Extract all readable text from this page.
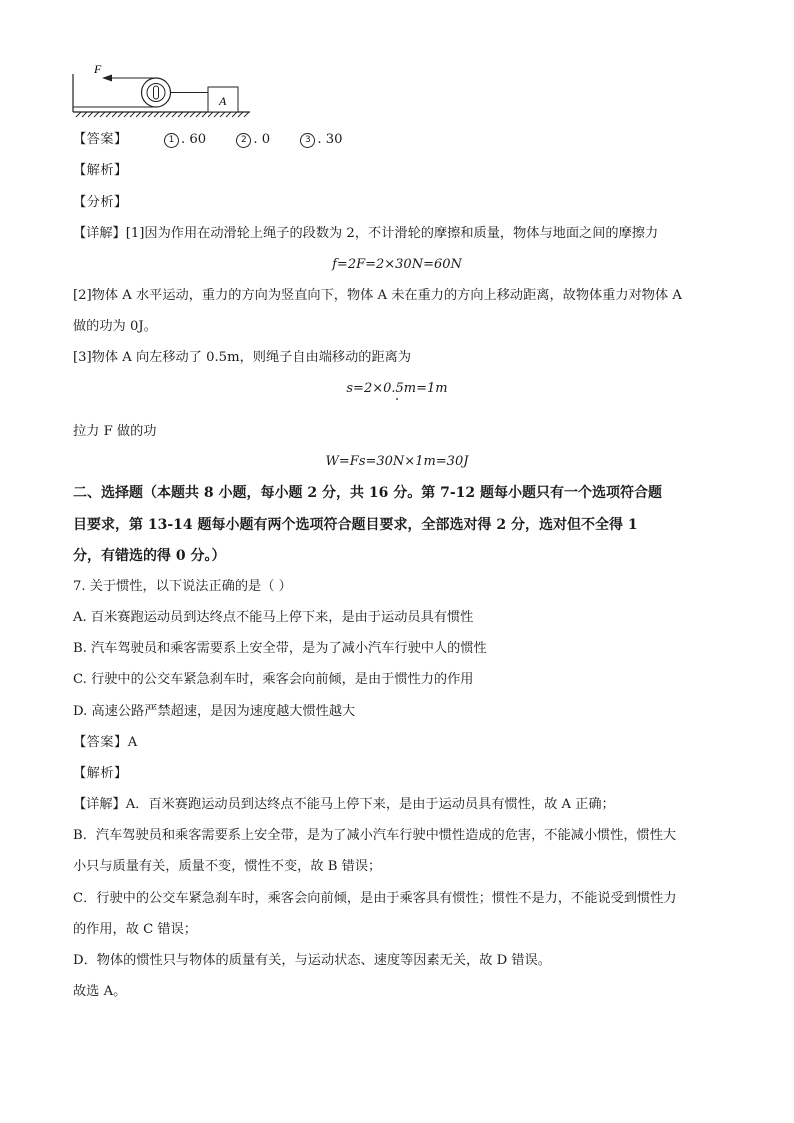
F
A
【答案】	1 . 60	2 . 0	3 . 30
【解析】
【分析】
【详解】[1]因为作用在动滑轮上绳子的段数为 2，不计滑轮的摩擦和质量，物体与地面之间的摩擦力
f=2F=2×30N=60N
[2]物体 A 水平运动，重力的方向为竖直向下，物体 A 未在重力的方向上移动距离，故物体重力对物体 A
做的功为 0J。
[3]物体 A 向左移动了 0.5m，则绳子自由端移动的距离为
s=2×0.5m=1m
拉力 F 做的功
W=Fs=30N×1m=30J
二、选择题（本题共 8 小题，每小题 2 分，共 16 分。第 7-12 题每小题只有一个选项符合题
目要求，第 13-14 题每小题有两个选项符合题目要求，全部选对得 2 分，选对但不全得 1
分，有错选的得 0 分。）
7. 关于惯性，以下说法正确的是（ ）
A. 百米赛跑运动员到达终点不能马上停下来，是由于运动员具有惯性
B. 汽车驾驶员和乘客需要系上安全带，是为了减小汽车行驶中人的惯性
C. 行驶中的公交车紧急刹车时，乘客会向前倾，是由于惯性力的作用
D. 高速公路严禁超速，是因为速度越大惯性越大
【答案】A
【解析】
【详解】A．百米赛跑运动员到达终点不能马上停下来，是由于运动员具有惯性，故 A 正确；
B．汽车驾驶员和乘客需要系上安全带，是为了减小汽车行驶中惯性造成的危害，不能减小惯性，惯性大
小只与质量有关，质量不变，惯性不变，故 B 错误；
C．行驶中的公交车紧急刹车时，乘客会向前倾，是由于乘客具有惯性；惯性不是力，不能说受到惯性力
的作用，故 C 错误；
D．物体的惯性只与物体的质量有关，与运动状态、速度等因素无关，故 D 错误。
故选 A。
